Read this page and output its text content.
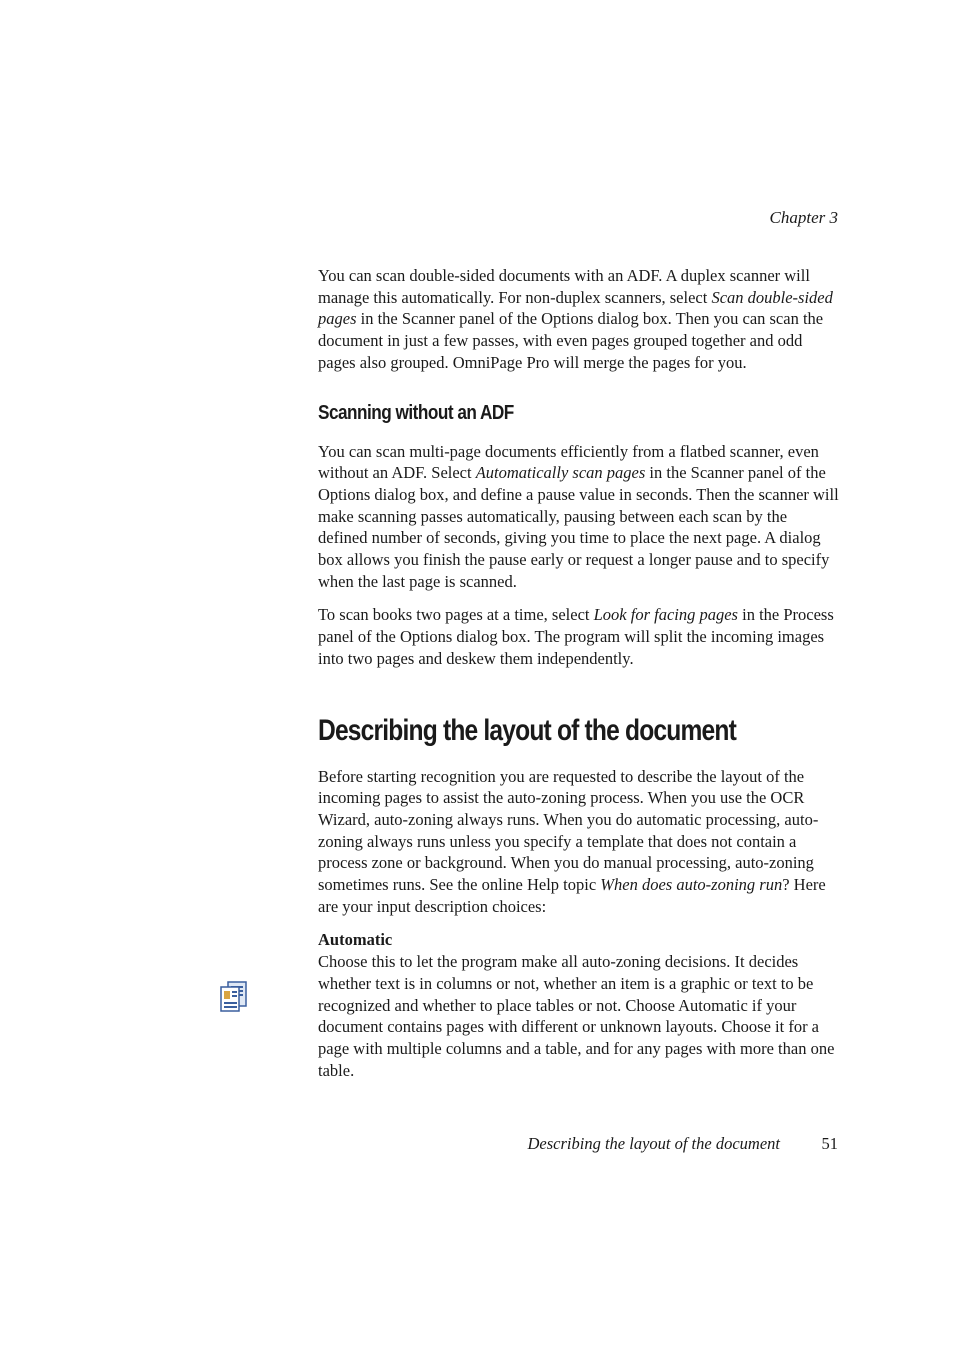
Chapter 3

You can scan double-sided documents with an ADF. A duplex scanner will manage this automatically. For non-duplex scanners, select Scan double-sided pages in the Scanner panel of the Options dialog box. Then you can scan the document in just a few passes, with even pages grouped together and odd pages also grouped. OmniPage Pro will merge the pages for you.

Scanning without an ADF

You can scan multi-page documents efficiently from a flatbed scanner, even without an ADF. Select Automatically scan pages in the Scanner panel of the Options dialog box, and define a pause value in seconds. Then the scanner will make scanning passes automatically, pausing between each scan by the defined number of seconds, giving you time to place the next page. A dialog box allows you finish the pause early or request a longer pause and to specify when the last page is scanned.

To scan books two pages at a time, select Look for facing pages in the Process panel of the Options dialog box. The program will split the incoming images into two pages and deskew them independently.

Describing the layout of the document

Before starting recognition you are requested to describe the layout of the incoming pages to assist the auto-zoning process. When you use the OCR Wizard, auto-zoning always runs. When you do automatic processing, auto-zoning always runs unless you specify a template that does not contain a process zone or background. When you do manual processing, auto-zoning sometimes runs. See the online Help topic When does auto-zoning run? Here are your input description choices:

Automatic

Choose this to let the program make all auto-zoning decisions. It decides whether text is in columns or not, whether an item is a graphic or text to be recognized and whether to place tables or not. Choose Automatic if your document contains pages with different or unknown layouts. Choose it for a page with multiple columns and a table, and for any pages with more than one table.

Describing the layout of the document	51
